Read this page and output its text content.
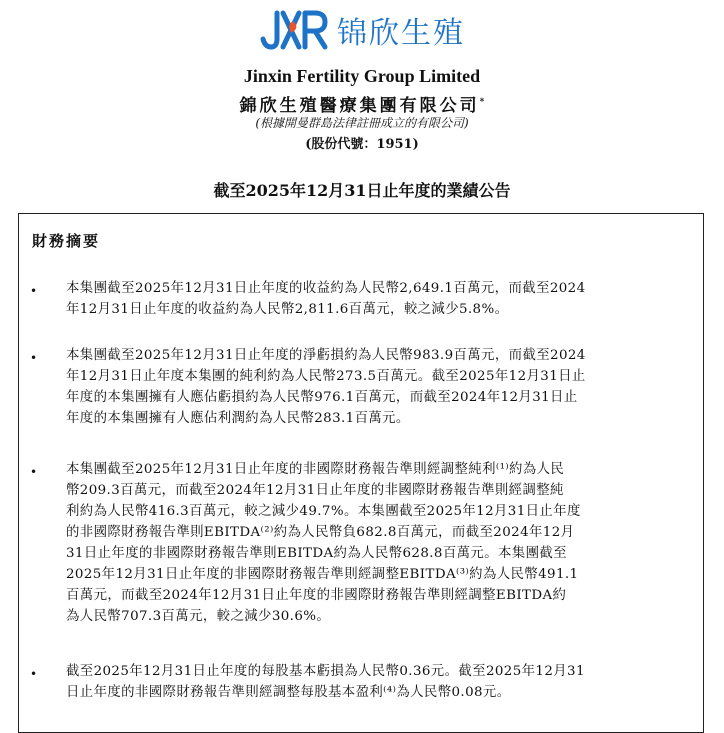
锦欣生殖
Jinxin Fertility Group Limited
錦欣生殖醫療集團有限公司*
(根據開曼群島法律註冊成立的有限公司)
(股份代號：1951)
截至2025年12月31日止年度的業績公告
財務摘要
• 本集團截至2025年12月31日止年度的收益約為人民幣2,649.1百萬元，而截至2024
年12月31日止年度的收益約為人民幣2,811.6百萬元，較之減少5.8%。
• 本集團截至2025年12月31日止年度的淨虧損約為人民幣983.9百萬元，而截至2024
年12月31日止年度本集團的純利約為人民幣273.5百萬元。截至2025年12月31日止
年度的本集團擁有人應佔虧損約為人民幣976.1百萬元，而截至2024年12月31日止
年度的本集團擁有人應佔利潤約為人民幣283.1百萬元。
• 本集團截至2025年12月31日止年度的非國際財務報告準則經調整純利⁽¹⁾約為人民
幣209.3百萬元，而截至2024年12月31日止年度的非國際財務報告準則經調整純
利約為人民幣416.3百萬元，較之減少49.7%。本集團截至2025年12月31日止年度
的非國際財務報告準則EBITDA⁽²⁾約為人民幣負682.8百萬元，而截至2024年12月
31日止年度的非國際財務報告準則EBITDA約為人民幣628.8百萬元。本集團截至
2025年12月31日止年度的非國際財務報告準則經調整EBITDA⁽³⁾約為人民幣491.1
百萬元，而截至2024年12月31日止年度的非國際財務報告準則經調整EBITDA約
為人民幣707.3百萬元，較之減少30.6%。
• 截至2025年12月31日止年度的每股基本虧損為人民幣0.36元。截至2025年12月31
日止年度的非國際財務報告準則經調整每股基本盈利⁽⁴⁾為人民幣0.08元。
